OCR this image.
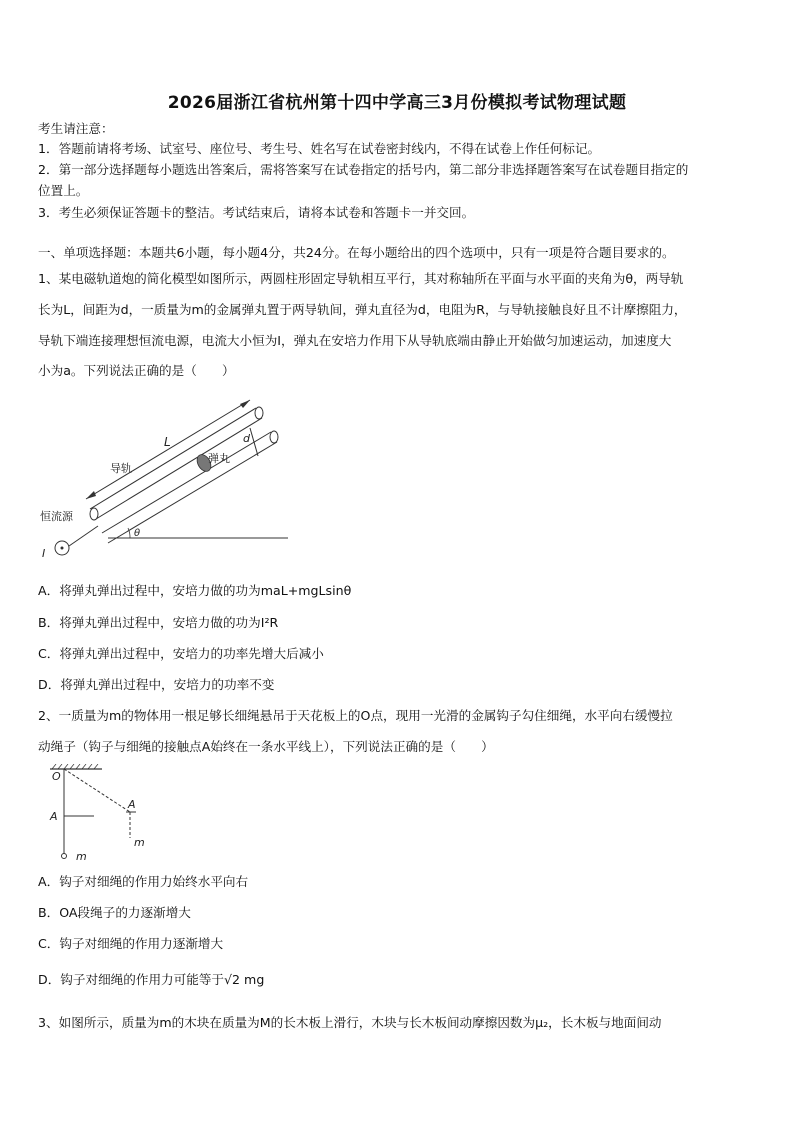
2026届浙江省杭州第十四中学高三3月份模拟考试物理试题
考生请注意：
1．答题前请将考场、试室号、座位号、考生号、姓名写在试卷密封线内，不得在试卷上作任何标记。
2．第一部分选择题每小题选出答案后，需将答案写在试卷指定的括号内，第二部分非选择题答案写在试卷题目指定的
位置上。
3．考生必须保证答题卡的整洁。考试结束后，请将本试卷和答题卡一并交回。
一、单项选择题：本题共6小题，每小题4分，共24分。在每小题给出的四个选项中，只有一项是符合题目要求的。
1、某电磁轨道炮的简化模型如图所示，两圆柱形固定导轨相互平行，其对称轴所在平面与水平面的夹角为θ，两导轨
长为L，间距为d，一质量为m的金属弹丸置于两导轨间，弹丸直径为d，电阻为R，与导轨接触良好且不计摩擦阻力，
导轨下端连接理想恒流电源，电流大小恒为I，弹丸在安培力作用下从导轨底端由静止开始做匀加速运动，加速度大
小为a。下列说法正确的是（　　）
L	d
弹丸
导轨
θ
恒流源
I
A．将弹丸弹出过程中，安培力做的功为maL+mgLsinθ
B．将弹丸弹出过程中，安培力做的功为I²R
C．将弹丸弹出过程中，安培力的功率先增大后减小
D．将弹丸弹出过程中，安培力的功率不变
2、一质量为m的物体用一根足够长细绳悬吊于天花板上的O点，现用一光滑的金属钩子勾住细绳，水平向右缓慢拉
动绳子（钩子与细绳的接触点A始终在一条水平线上），下列说法正确的是（　　）
O
A
m
A
m
A．钩子对细绳的作用力始终水平向右
B．OA段绳子的力逐渐增大
C．钩子对细绳的作用力逐渐增大
D．钩子对细绳的作用力可能等于√2 mg
3、如图所示，质量为m的木块在质量为M的长木板上滑行，木块与长木板间动摩擦因数为μ₂，长木板与地面间动
